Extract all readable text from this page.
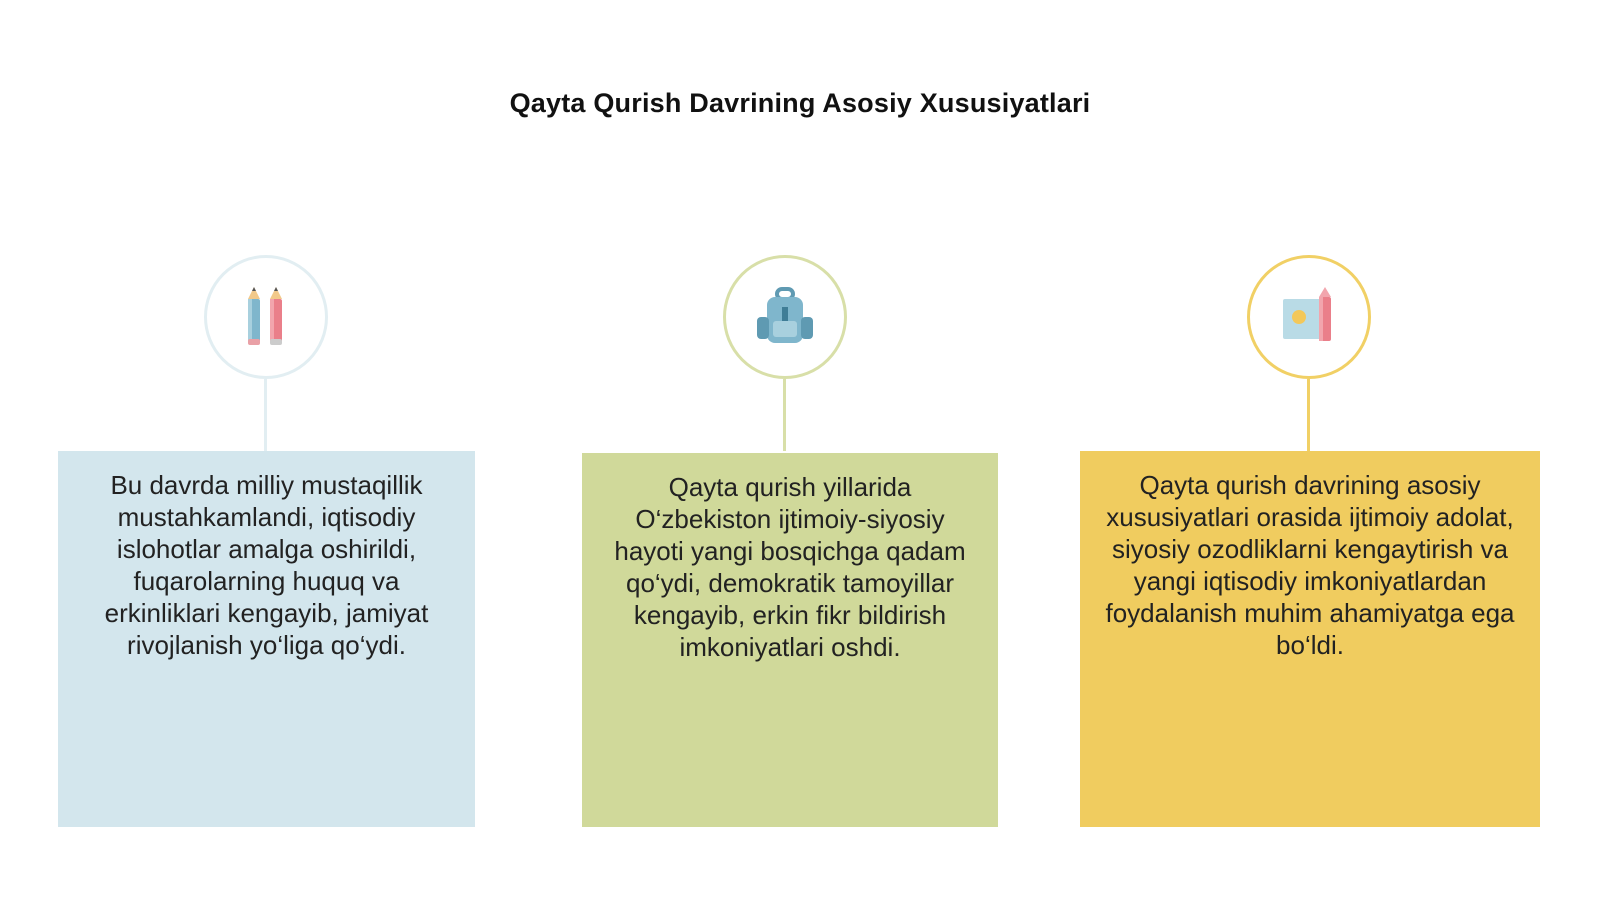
Qayta Qurish Davrining Asosiy Xususiyatlari

Bu davrda milliy mustaqillik mustahkamlandi, iqtisodiy islohotlar amalga oshirildi, fuqarolarning huquq va erkinliklari kengayib, jamiyat rivojlanish yo‘liga qo‘ydi.

Qayta qurish yillarida O‘zbekiston ijtimoiy-siyosiy hayoti yangi bosqichga qadam qo‘ydi, demokratik tamoyillar kengayib, erkin fikr bildirish imkoniyatlari oshdi.

Qayta qurish davrining asosiy xususiyatlari orasida ijtimoiy adolat, siyosiy ozodliklarni kengaytirish va yangi iqtisodiy imkoniyatlardan foydalanish muhim ahamiyatga ega bo‘ldi.
